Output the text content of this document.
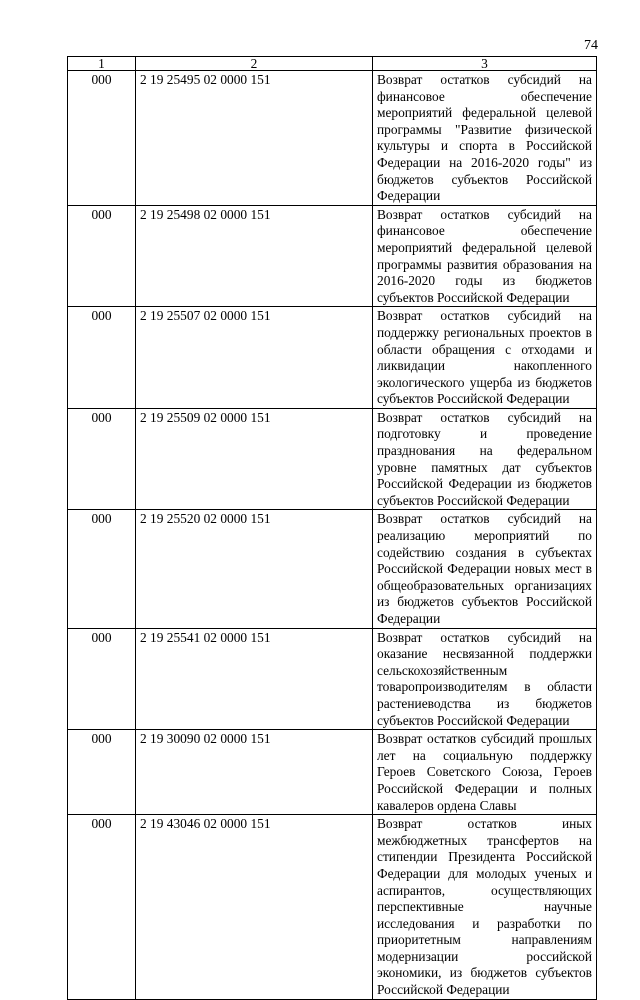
74
1	2	3
000	2 19 25495 02 0000 151	Возврат остатков субсидий на финансовое обеспечение мероприятий федеральной целевой программы "Развитие физической культуры и спорта в Российской Федерации на 2016-2020 годы" из бюджетов субъектов Российской Федерации
000	2 19 25498 02 0000 151	Возврат остатков субсидий на финансовое обеспечение мероприятий федеральной целевой программы развития образования на 2016-2020 годы из бюджетов субъектов Российской Федерации
000	2 19 25507 02 0000 151	Возврат остатков субсидий на поддержку региональных проектов в области обращения с отходами и ликвидации накопленного экологического ущерба из бюджетов субъектов Российской Федерации
000	2 19 25509 02 0000 151	Возврат остатков субсидий на подготовку и проведение празднования на федеральном уровне памятных дат субъектов Российской Федерации из бюджетов субъектов Российской Федерации
000	2 19 25520 02 0000 151	Возврат остатков субсидий на реализацию мероприятий по содействию создания в субъектах Российской Федерации новых мест в общеобразовательных организациях из бюджетов субъектов Российской Федерации
000	2 19 25541 02 0000 151	Возврат остатков субсидий на оказание несвязанной поддержки сельскохозяйственным товаропроизводителям в области растениеводства из бюджетов субъектов Российской Федерации
000	2 19 30090 02 0000 151	Возврат остатков субсидий прошлых лет на социальную поддержку Героев Советского Союза, Героев Российской Федерации и полных кавалеров ордена Славы
000	2 19 43046 02 0000 151	Возврат остатков иных межбюджетных трансфертов на стипендии Президента Российской Федерации для молодых ученых и аспирантов, осуществляющих перспективные научные исследования и разработки по приоритетным направлениям модернизации российской экономики, из бюджетов субъектов Российской Федерации
